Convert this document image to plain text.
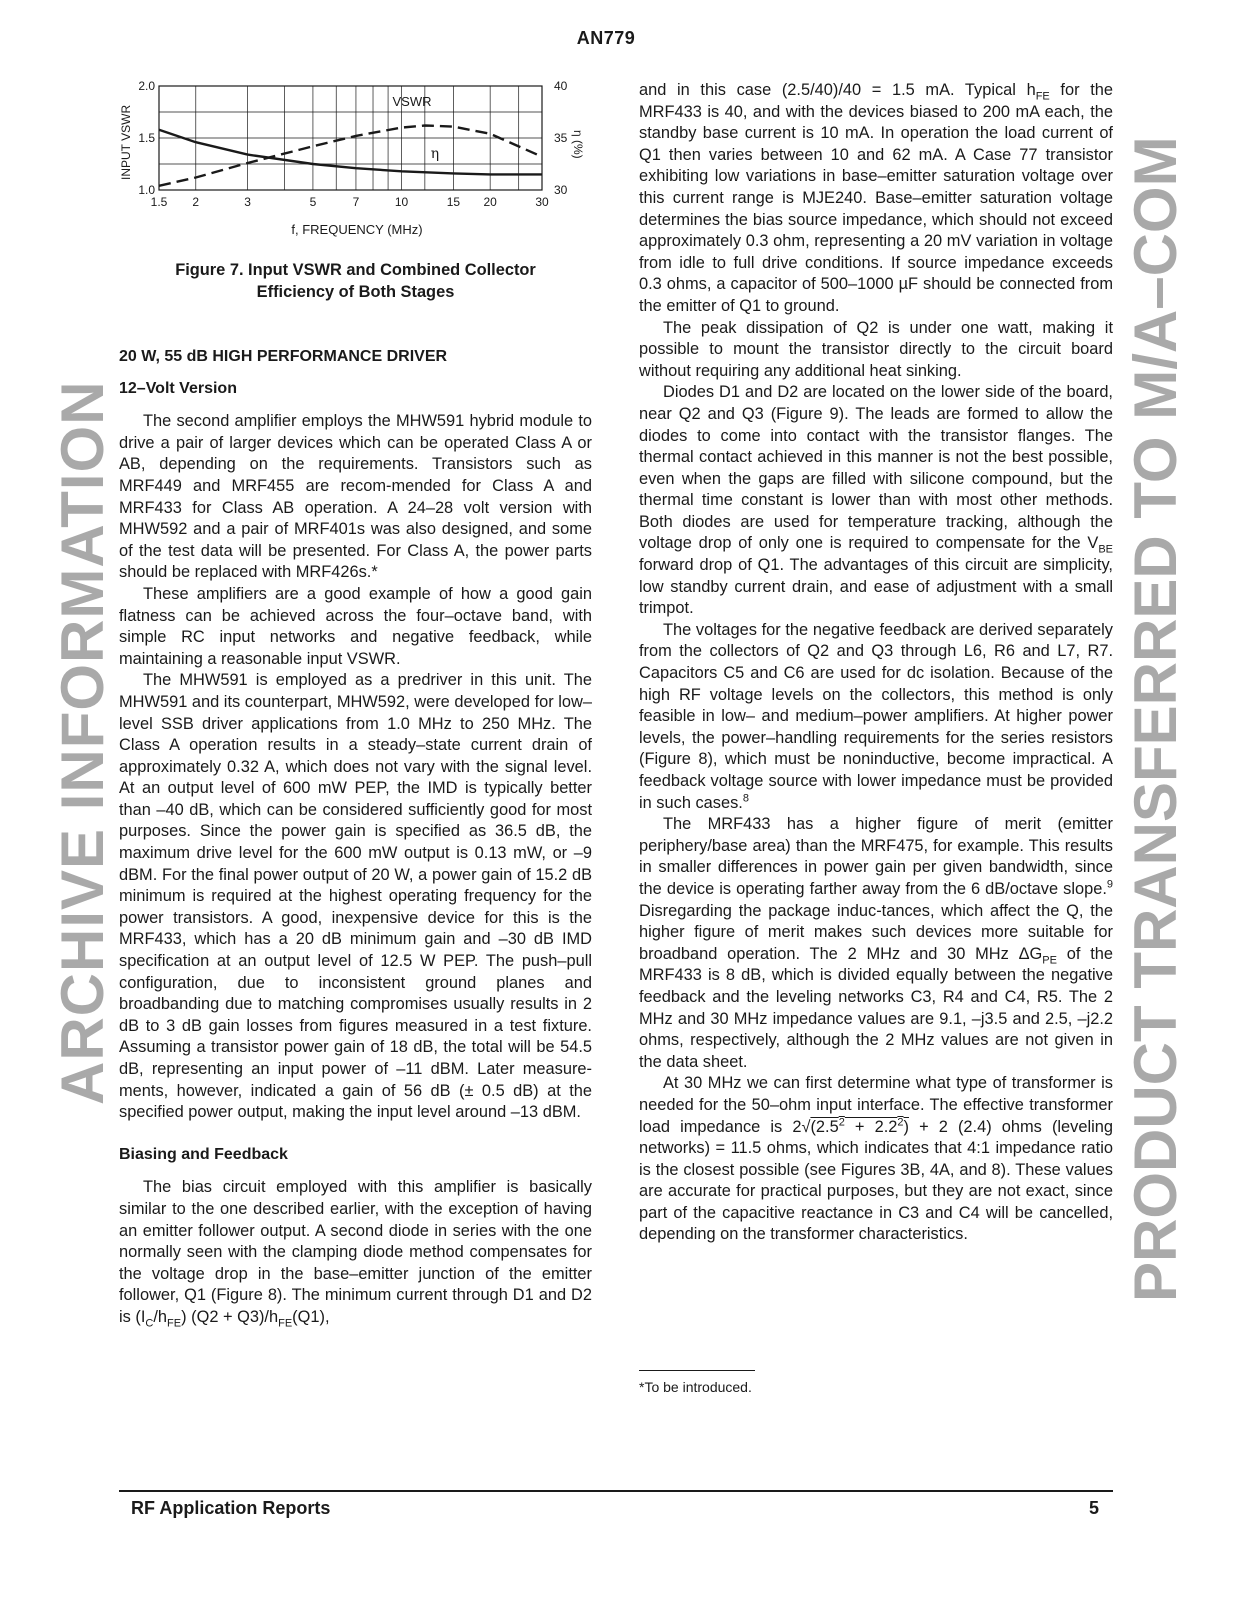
AN779
1.5 2	3	5	7	10	15 20	30
1.0
1.5
2.0
30
35
40
INPUT VSWR	η (%)
f, FREQUENCY (MHz)
VSWR
η
Figure 7. Input VSWR and Combined Collector
Efficiency of Both Stages
20 W, 55 dB HIGH PERFORMANCE DRIVER
12–Volt Version

The second amplifier employs the MHW591 hybrid module to drive a pair of larger devices which can be operated Class A or AB, depending on the requirements. Transistors such as MRF449 and MRF455 are recom-mended for Class A and MRF433 for Class AB operation. A 24–28 volt version with MHW592 and a pair of MRF401s was also designed, and some of the test data will be presented. For Class A, the power parts should be replaced with MRF426s.*

These amplifiers are a good example of how a good gain flatness can be achieved across the four–octave band, with simple RC input networks and negative feedback, while maintaining a reasonable input VSWR.

The MHW591 is employed as a predriver in this unit. The MHW591 and its counterpart, MHW592, were developed for low–level SSB driver applications from 1.0 MHz to 250 MHz. The Class A operation results in a steady–state current drain of approximately 0.32 A, which does not vary with the signal level. At an output level of 600 mW PEP, the IMD is typically better than –40 dB, which can be considered sufficiently good for most purposes. Since the power gain is specified as 36.5 dB, the maximum drive level for the 600 mW output is 0.13 mW, or –9 dBM. For the final power output of 20 W, a power gain of 15.2 dB minimum is required at the highest operating frequency for the power transistors. A good, inexpensive device for this is the MRF433, which has a 20 dB minimum gain and –30 dB IMD specification at an output level of 12.5 W PEP. The push–pull configuration, due to inconsistent ground planes and broadbanding due to matching compromises usually results in 2 dB to 3 dB gain losses from figures measured in a test fixture. Assuming a transistor power gain of 18 dB, the total will be 54.5 dB, representing an input power of –11 dBM. Later measure-ments, however, indicated a gain of 56 dB (± 0.5 dB) at the specified power output, making the input level around –13 dBM.

Biasing and Feedback

The bias circuit employed with this amplifier is basically similar to the one described earlier, with the exception of having an emitter follower output. A second diode in series with the one normally seen with the clamping diode method compensates for the voltage drop in the base–emitter junction of the emitter follower, Q1 (Figure 8). The minimum current through D1 and D2 is $(I_C/h_{FE}) (Q2 + Q3)/h_{FE}(Q1)$,

and in this case (2.5/40)/40 = 1.5 mA. Typical $h_{FE}$ for the MRF433 is 40, and with the devices biased to 200 mA each, the standby base current is 10 mA. In operation the load current of Q1 then varies between 10 and 62 mA. A Case 77 transistor exhibiting low variations in base–emitter saturation voltage over this current range is MJE240. Base–emitter saturation voltage determines the bias source impedance, which should not exceed approximately 0.3 ohm, representing a 20 mV variation in voltage from idle to full drive conditions. If source impedance exceeds 0.3 ohms, a capacitor of 500–1000 µF should be connected from the emitter of Q1 to ground.

The peak dissipation of Q2 is under one watt, making it possible to mount the transistor directly to the circuit board without requiring any additional heat sinking.

Diodes D1 and D2 are located on the lower side of the board, near Q2 and Q3 (Figure 9). The leads are formed to allow the diodes to come into contact with the transistor flanges. The thermal contact achieved in this manner is not the best possible, even when the gaps are filled with silicone compound, but the thermal time constant is lower than with most other methods. Both diodes are used for temperature tracking, although the voltage drop of only one is required to compensate for the $V_{BE}$ forward drop of Q1. The advantages of this circuit are simplicity, low standby current drain, and ease of adjustment with a small trimpot.

The voltages for the negative feedback are derived separately from the collectors of Q2 and Q3 through L6, R6 and L7, R7. Capacitors C5 and C6 are used for dc isolation. Because of the high RF voltage levels on the collectors, this method is only feasible in low– and medium–power amplifiers. At higher power levels, the power–handling requirements for the series resistors (Figure 8), which must be noninductive, become impractical. A feedback voltage source with lower impedance must be provided in such cases.$^8$

The MRF433 has a higher figure of merit (emitter periphery/base area) than the MRF475, for example. This results in smaller differences in power gain per given bandwidth, since the device is operating farther away from the 6 dB/octave slope.$^9$ Disregarding the package induc-tances, which affect the Q, the higher figure of merit makes such devices more suitable for broadband operation. The 2 MHz and 30 MHz $\Delta G_{PE}$ of the MRF433 is 8 dB, which is divided equally between the negative feedback and the leveling networks C3, R4 and C4, R5. The 2 MHz and 30 MHz impedance values are 9.1, –j3.5 and 2.5, –j2.2 ohms, respectively, although the 2 MHz values are not given in the data sheet.

At 30 MHz we can first determine what type of transformer is needed for the 50–ohm input interface. The effective transformer load impedance is $2√(2.5^2 + 2.2^2) + 2$ (2.4) ohms (leveling networks) = 11.5 ohms, which indicates that 4:1 impedance ratio is the closest possible (see Figures 3B, 4A, and 8). These values are accurate for practical purposes, but they are not exact, since part of the capacitive reactance in C3 and C4 will be cancelled, depending on the transformer characteristics.

*To be introduced.
ARCHIVE INFORMATION	PRODUCT TRANSFERRED TO M/A–COM
RF Application Reports	5
